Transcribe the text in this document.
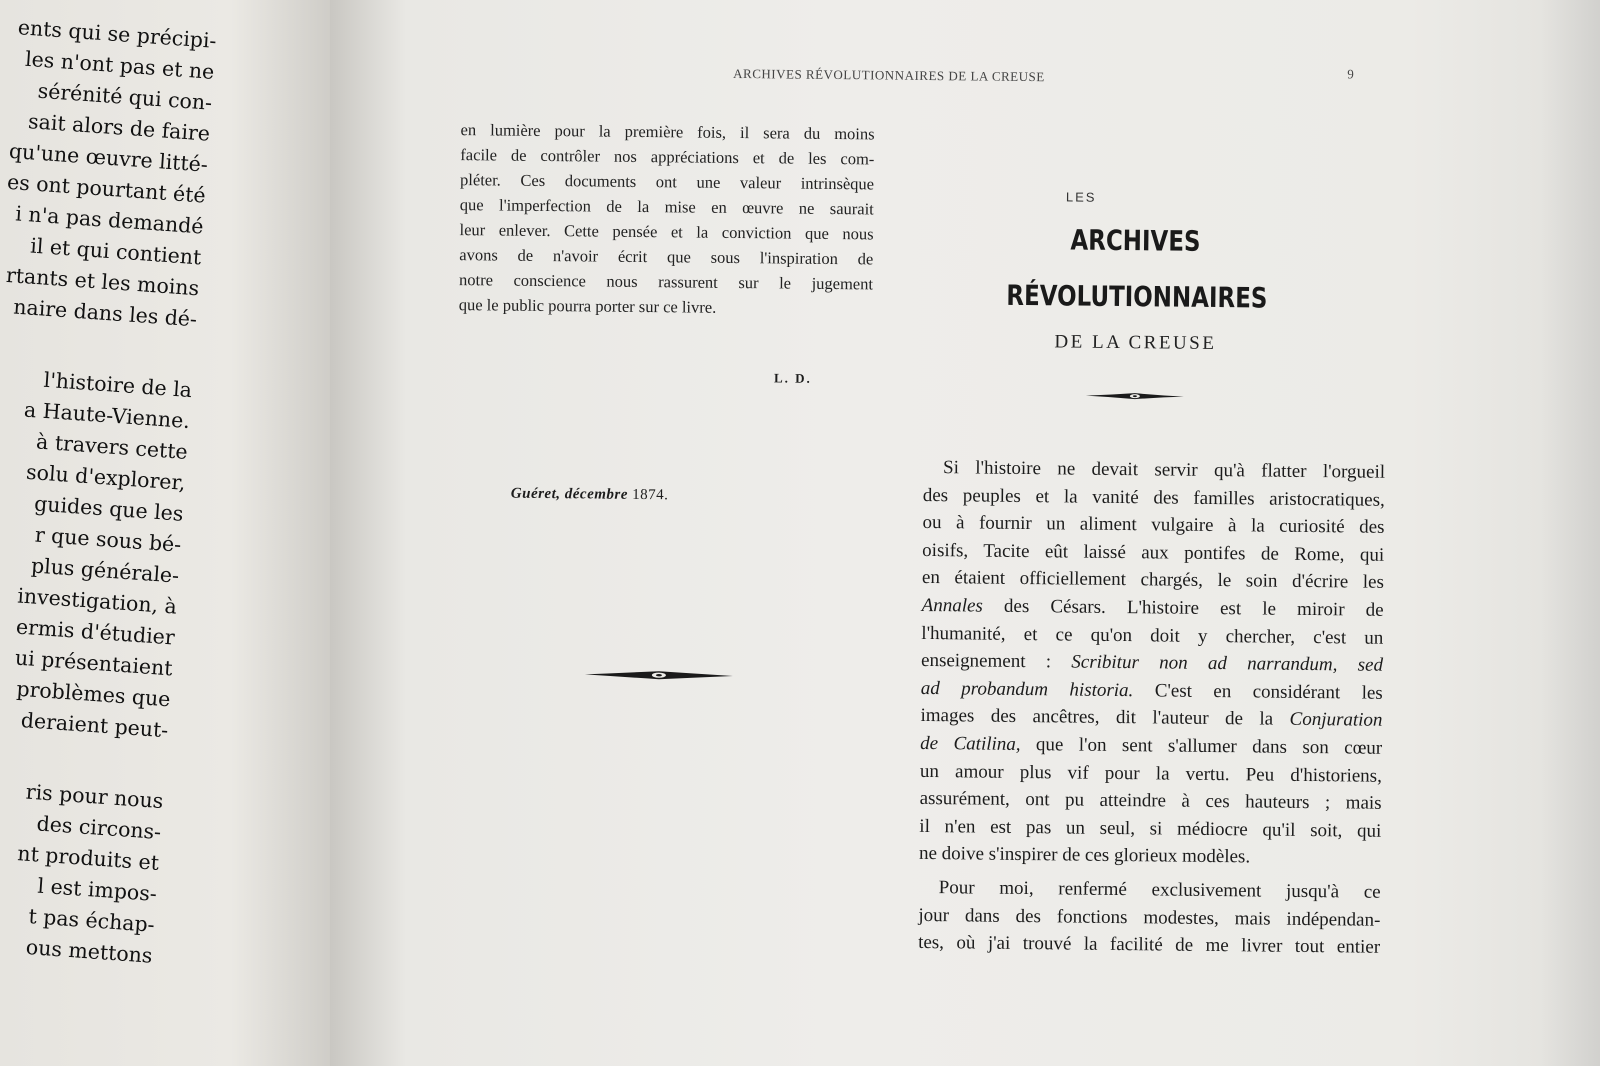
ents qui se précipi-
les n'ont pas et ne
sérénité qui con-
sait alors de faire
qu'une œuvre litté-
es ont pourtant été
i n'a pas demandé
il et qui contient
rtants et les moins
naire dans les dé-
l'histoire de la
a Haute-Vienne.
à travers cette
solu d'explorer,
guides que les
r que sous bé-
plus générale-
investigation, à
ermis d'étudier
ui présentaient
problèmes que
deraient peut-
ris pour nous
des circons-
nt produits et
l est impos-
t pas échap-
ous mettons
ARCHIVES RÉVOLUTIONNAIRES DE LA CREUSE	9
en lumière pour la première fois, il sera du moins
facile de contrôler nos appréciations et de les com-
pléter. Ces documents ont une valeur intrinsèque
que l'imperfection de la mise en œuvre ne saurait
leur enlever. Cette pensée et la conviction que nous
avons de n'avoir écrit que sous l'inspiration de
notre conscience nous rassurent sur le jugement
que le public pourra porter sur ce livre.
L. D.
Guéret, décembre 1874.
LES
ARCHIVES
RÉVOLUTIONNAIRES
DE LA CREUSE
Si l'histoire ne devait servir qu'à flatter l'orgueil
des peuples et la vanité des familles aristocratiques,
ou à fournir un aliment vulgaire à la curiosité des
oisifs, Tacite eût laissé aux pontifes de Rome, qui
en étaient officiellement chargés, le soin d'écrire les
Annales des Césars. L'histoire est le miroir de
l'humanité, et ce qu'on doit y chercher, c'est un
enseignement : Scribitur non ad narrandum, sed
ad probandum historia. C'est en considérant les
images des ancêtres, dit l'auteur de la Conjuration
de Catilina, que l'on sent s'allumer dans son cœur
un amour plus vif pour la vertu. Peu d'historiens,
assurément, ont pu atteindre à ces hauteurs ; mais
il n'en est pas un seul, si médiocre qu'il soit, qui
ne doive s'inspirer de ces glorieux modèles.
Pour moi, renfermé exclusivement jusqu'à ce
jour dans des fonctions modestes, mais indépendan-
tes, où j'ai trouvé la facilité de me livrer tout entier
